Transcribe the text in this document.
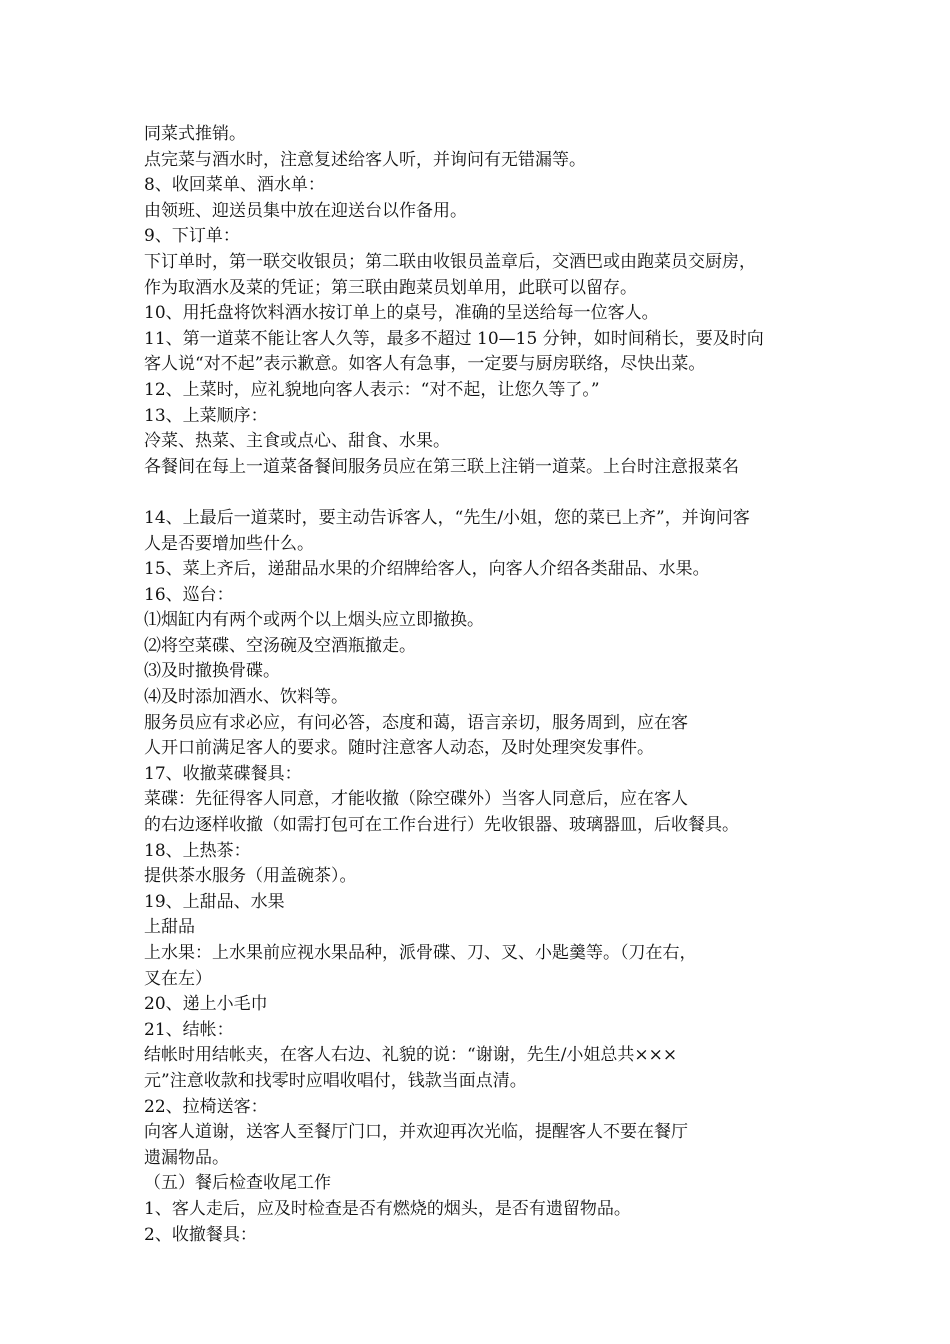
同菜式推销。
点完菜与酒水时，注意复述给客人听，并询问有无错漏等。
8、收回菜单、酒水单：
由领班、迎送员集中放在迎送台以作备用。
9、下订单：
下订单时，第一联交收银员；第二联由收银员盖章后，交酒巴或由跑菜员交厨房，
作为取酒水及菜的凭证；第三联由跑菜员划单用，此联可以留存。
10、用托盘将饮料酒水按订单上的桌号，准确的呈送给每一位客人。
11、第一道菜不能让客人久等，最多不超过 10—15 分钟，如时间稍长，要及时向
客人说“对不起”表示歉意。如客人有急事，一定要与厨房联络，尽快出菜。
12、上菜时，应礼貌地向客人表示：“对不起，让您久等了。”
13、上菜顺序：
冷菜、热菜、主食或点心、甜食、水果。
各餐间在每上一道菜备餐间服务员应在第三联上注销一道菜。上台时注意报菜名
14、上最后一道菜时，要主动告诉客人，“先生/小姐，您的菜已上齐”，并询问客
人是否要增加些什么。
15、菜上齐后，递甜品水果的介绍牌给客人，向客人介绍各类甜品、水果。
16、巡台：
⑴烟缸内有两个或两个以上烟头应立即撤换。
⑵将空菜碟、空汤碗及空酒瓶撤走。
⑶及时撤换骨碟。
⑷及时添加酒水、饮料等。
服务员应有求必应，有问必答，态度和蔼，语言亲切，服务周到，应在客
人开口前满足客人的要求。随时注意客人动态，及时处理突发事件。
17、收撤菜碟餐具：
菜碟：先征得客人同意，才能收撤（除空碟外）当客人同意后，应在客人
的右边逐样收撤（如需打包可在工作台进行）先收银器、玻璃器皿，后收餐具。
18、上热茶：
提供茶水服务（用盖碗茶）。
19、上甜品、水果
上甜品
上水果：上水果前应视水果品种，派骨碟、刀、叉、小匙羹等。（刀在右，
叉在左）
20、递上小毛巾
21、结帐：
结帐时用结帐夹，在客人右边、礼貌的说：“谢谢，先生/小姐总共×××
元”注意收款和找零时应唱收唱付，钱款当面点清。
22、拉椅送客：
向客人道谢，送客人至餐厅门口，并欢迎再次光临，提醒客人不要在餐厅
遗漏物品。
（五）餐后检查收尾工作
1、客人走后，应及时检查是否有燃烧的烟头，是否有遗留物品。
2、收撤餐具：
